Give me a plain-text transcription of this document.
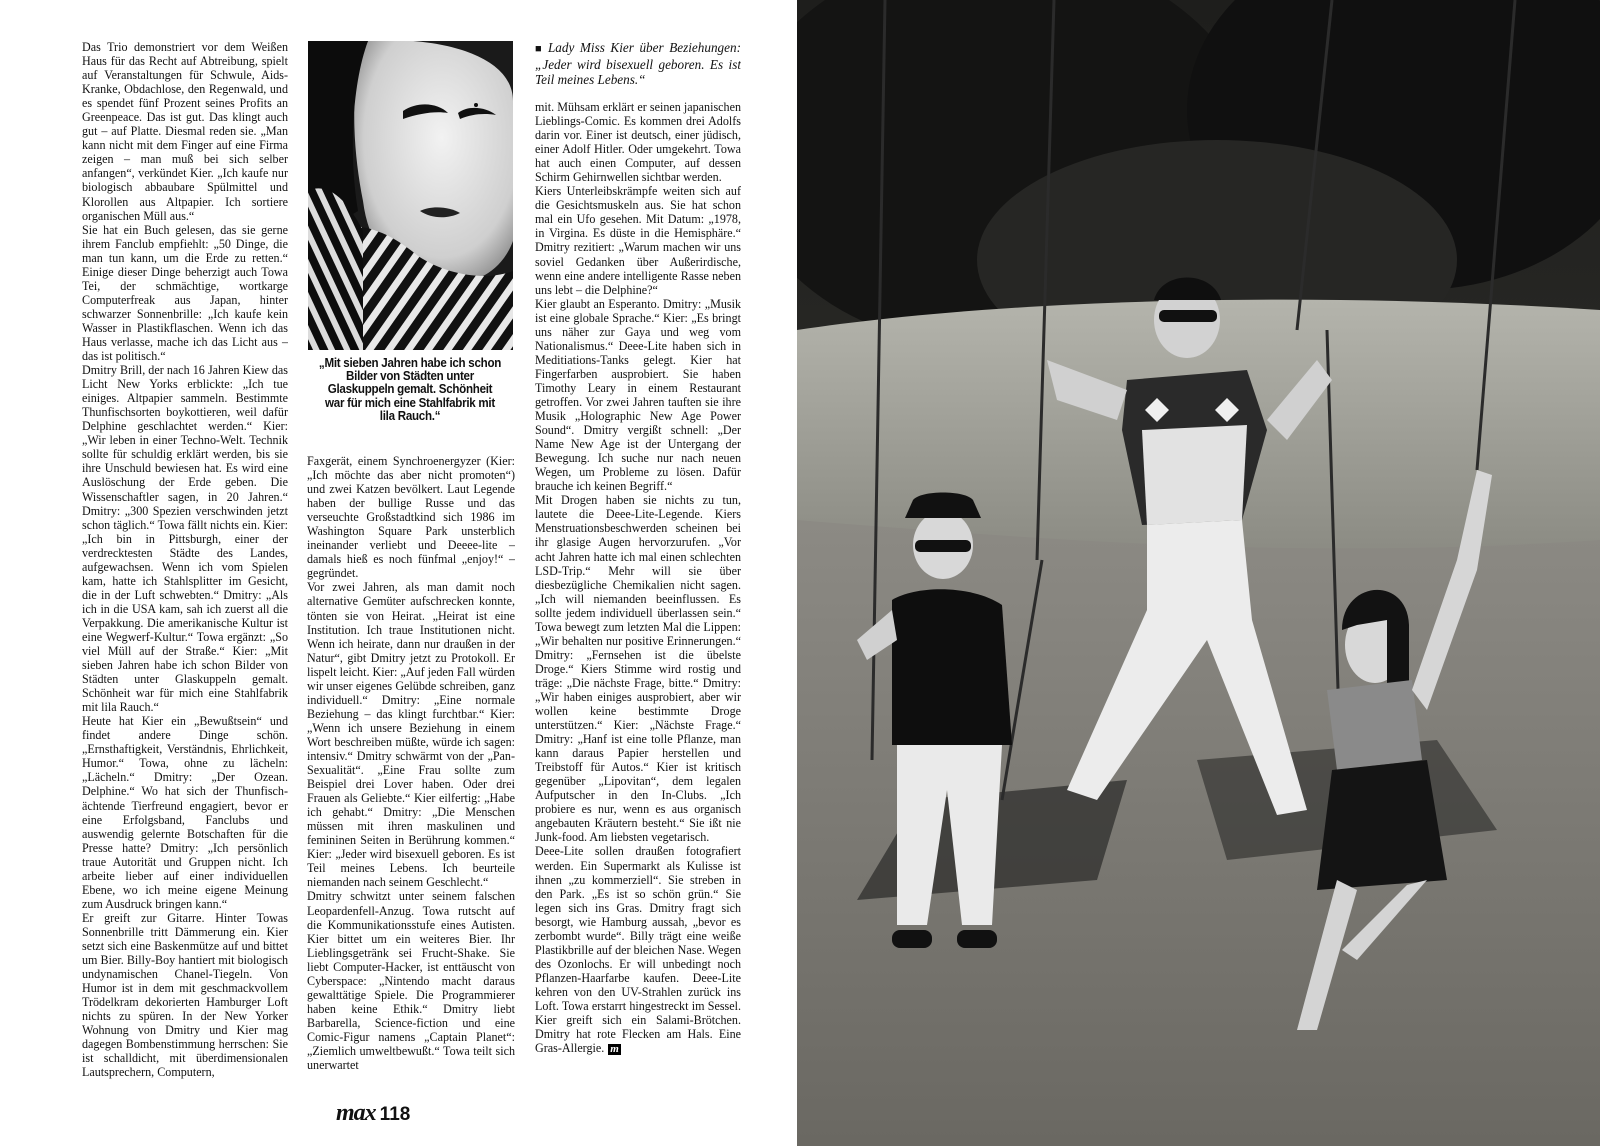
Das Trio demonstriert vor dem Weißen Haus für das Recht auf Abtreibung, spielt auf Veranstaltungen für Schwule, Aids-Kranke, Obdachlose, den Regenwald, und es spendet fünf Prozent seines Profits an Greenpeace. Das ist gut. Das klingt auch gut – auf Platte. Diesmal reden sie. „Man kann nicht mit dem Finger auf eine Firma zeigen – man muß bei sich selber anfangen“, verkündet Kier. „Ich kaufe nur biologisch abbaubare Spülmittel und Klorollen aus Altpapier. Ich sortiere organischen Müll aus.“

Sie hat ein Buch gelesen, das sie gerne ihrem Fanclub empfiehlt: „50 Dinge, die man tun kann, um die Erde zu retten.“ Einige dieser Dinge beherzigt auch Towa Tei, der schmächtige, wortkarge Computerfreak aus Japan, hinter schwarzer Sonnenbrille: „Ich kaufe kein Wasser in Plastikflaschen. Wenn ich das Haus verlasse, mache ich das Licht aus – das ist politisch.“

Dmitry Brill, der nach 16 Jahren Kiew das Licht New Yorks erblickte: „Ich tue einiges. Altpapier sammeln. Bestimmte Thunfischsorten boykottieren, weil dafür Delphine geschlachtet werden.“ Kier: „Wir leben in einer Techno-Welt. Technik sollte für schuldig erklärt werden, bis sie ihre Unschuld bewiesen hat. Es wird eine Auslöschung der Erde geben. Die Wissenschaftler sagen, in 20 Jahren.“ Dmitry: „300 Spezien verschwinden jetzt schon täglich.“ Towa fällt nichts ein. Kier: „Ich bin in Pittsburgh, einer der verdrecktesten Städte des Landes, aufgewachsen. Wenn ich vom Spielen kam, hatte ich Stahlsplitter im Gesicht, die in der Luft schwebten.“ Dmitry: „Als ich in die USA kam, sah ich zuerst all die Verpakkung. Die amerikanische Kultur ist eine Wegwerf-Kultur.“ Towa ergänzt: „So viel Müll auf der Straße.“ Kier: „Mit sieben Jahren habe ich schon Bilder von Städten unter Glaskuppeln gemalt. Schönheit war für mich eine Stahlfabrik mit lila Rauch.“

Heute hat Kier ein „Bewußtsein“ und findet andere Dinge schön. „Ernsthaftigkeit, Verständnis, Ehrlichkeit, Humor.“ Towa, ohne zu lächeln: „Lächeln.“ Dmitry: „Der Ozean. Delphine.“ Wo hat sich der Thunfisch-ächtende Tierfreund engagiert, bevor er eine Erfolgsband, Fanclubs und auswendig gelernte Botschaften für die Presse hatte? Dmitry: „Ich persönlich traue Autorität und Gruppen nicht. Ich arbeite lieber auf einer individuellen Ebene, wo ich meine eigene Meinung zum Ausdruck bringen kann.“

Er greift zur Gitarre. Hinter Towas Sonnenbrille tritt Dämmerung ein. Kier setzt sich eine Baskenmütze auf und bittet um Bier. Billy-Boy hantiert mit biologisch undynamischen Chanel-Tiegeln. Von Humor ist in dem mit geschmackvollem Trödelkram dekorierten Hamburger Loft nichts zu spüren. In der New Yorker Wohnung von Dmitry und Kier mag dagegen Bombenstimmung herrschen: Sie ist schalldicht, mit überdimensionalen Lautsprechern, Computern,

„Mit sieben Jahren habe ich schon Bilder von Städten unter Glaskuppeln gemalt. Schönheit war für mich eine Stahlfabrik mit lila Rauch.“

Faxgerät, einem Synchroenergyzer (Kier: „Ich möchte das aber nicht promoten“) und zwei Katzen bevölkert. Laut Legende haben der bullige Russe und das verseuchte Großstadtkind sich 1986 im Washington Square Park unsterblich ineinander verliebt und Deeee-lite – damals hieß es noch fünfmal „enjoy!“ – gegründet.

Vor zwei Jahren, als man damit noch alternative Gemüter aufschrecken konnte, tönten sie von Heirat. „Heirat ist eine Institution. Ich traue Institutionen nicht. Wenn ich heirate, dann nur draußen in der Natur“, gibt Dmitry jetzt zu Protokoll. Er lispelt leicht. Kier: „Auf jeden Fall würden wir unser eigenes Gelübde schreiben, ganz individuell.“ Dmitry: „Eine normale Beziehung – das klingt furchtbar.“ Kier: „Wenn ich unsere Beziehung in einem Wort beschreiben müßte, würde ich sagen: intensiv.“ Dmitry schwärmt von der „Pan-Sexualität“. „Eine Frau sollte zum Beispiel drei Lover haben. Oder drei Frauen als Geliebte.“ Kier eilfertig: „Habe ich gehabt.“ Dmitry: „Die Menschen müssen mit ihren maskulinen und femininen Seiten in Berührung kommen.“ Kier: „Jeder wird bisexuell geboren. Es ist Teil meines Lebens. Ich beurteile niemanden nach seinem Geschlecht.“

Dmitry schwitzt unter seinem falschen Leopardenfell-Anzug. Towa rutscht auf die Kommunikationsstufe eines Autisten. Kier bittet um ein weiteres Bier. Ihr Lieblingsgetränk sei Frucht-Shake. Sie liebt Computer-Hacker, ist enttäuscht von Cyberspace: „Nintendo macht daraus gewalttätige Spiele. Die Programmierer haben keine Ethik.“ Dmitry liebt Barbarella, Science-fiction und eine Comic-Figur namens „Captain Planet“: „Ziemlich umweltbewußt.“ Towa teilt sich unerwartet

■ Lady Miss Kier über Beziehungen: „Jeder wird bisexuell geboren. Es ist Teil meines Lebens.“

mit. Mühsam erklärt er seinen japanischen Lieblings-Comic. Es kommen drei Adolfs darin vor. Einer ist deutsch, einer jüdisch, einer Adolf Hitler. Oder umgekehrt. Towa hat auch einen Computer, auf dessen Schirm Gehirnwellen sichtbar werden.

Kiers Unterleibskrämpfe weiten sich auf die Gesichtsmuskeln aus. Sie hat schon mal ein Ufo gesehen. Mit Datum: „1978, in Virgina. Es düste in die Hemisphäre.“ Dmitry rezitiert: „Warum machen wir uns soviel Gedanken über Außerirdische, wenn eine andere intelligente Rasse neben uns lebt – die Delphine?“

Kier glaubt an Esperanto. Dmitry: „Musik ist eine globale Sprache.“ Kier: „Es bringt uns näher zur Gaya und weg vom Nationalismus.“ Deee-Lite haben sich in Meditiations-Tanks gelegt. Kier hat Fingerfarben ausprobiert. Sie haben Timothy Leary in einem Restaurant getroffen. Vor zwei Jahren tauften sie ihre Musik „Holographic New Age Power Sound“. Dmitry vergißt schnell: „Der Name New Age ist der Untergang der Bewegung. Ich suche nur nach neuen Wegen, um Probleme zu lösen. Dafür brauche ich keinen Begriff.“

Mit Drogen haben sie nichts zu tun, lautete die Deee-Lite-Legende. Kiers Menstruationsbeschwerden scheinen bei ihr glasige Augen hervorzurufen. „Vor acht Jahren hatte ich mal einen schlechten LSD-Trip.“ Mehr will sie über diesbezügliche Chemikalien nicht sagen. „Ich will niemanden beeinflussen. Es sollte jedem individuell überlassen sein.“ Towa bewegt zum letzten Mal die Lippen: „Wir behalten nur positive Erinnerungen.“ Dmitry: „Fernsehen ist die übelste Droge.“ Kiers Stimme wird rostig und träge: „Die nächste Frage, bitte.“ Dmitry: „Wir haben einiges ausprobiert, aber wir wollen keine bestimmte Droge unterstützen.“ Kier: „Nächste Frage.“ Dmitry: „Hanf ist eine tolle Pflanze, man kann daraus Papier herstellen und Treibstoff für Autos.“ Kier ist kritisch gegenüber „Lipovitan“, dem legalen Aufputscher in den In-Clubs. „Ich probiere es nur, wenn es aus organisch angebauten Kräutern besteht.“ Sie ißt nie Junk-food. Am liebsten vegetarisch.

Deee-Lite sollen draußen fotografiert werden. Ein Supermarkt als Kulisse ist ihnen „zu kommerziell“. Sie streben in den Park. „Es ist so schön grün.“ Sie legen sich ins Gras. Dmitry fragt sich besorgt, wie Hamburg aussah, „bevor es zerbombt wurde“. Billy trägt eine weiße Plastikbrille auf der bleichen Nase. Wegen des Ozonlochs. Er will unbedingt noch Pflanzen-Haarfarbe kaufen. Deee-Lite kehren von den UV-Strahlen zurück ins Loft. Towa erstarrt hingestreckt im Sessel. Kier greift sich ein Salami-Brötchen. Dmitry hat rote Flecken am Hals. Eine Gras-Allergie. m

max 118
